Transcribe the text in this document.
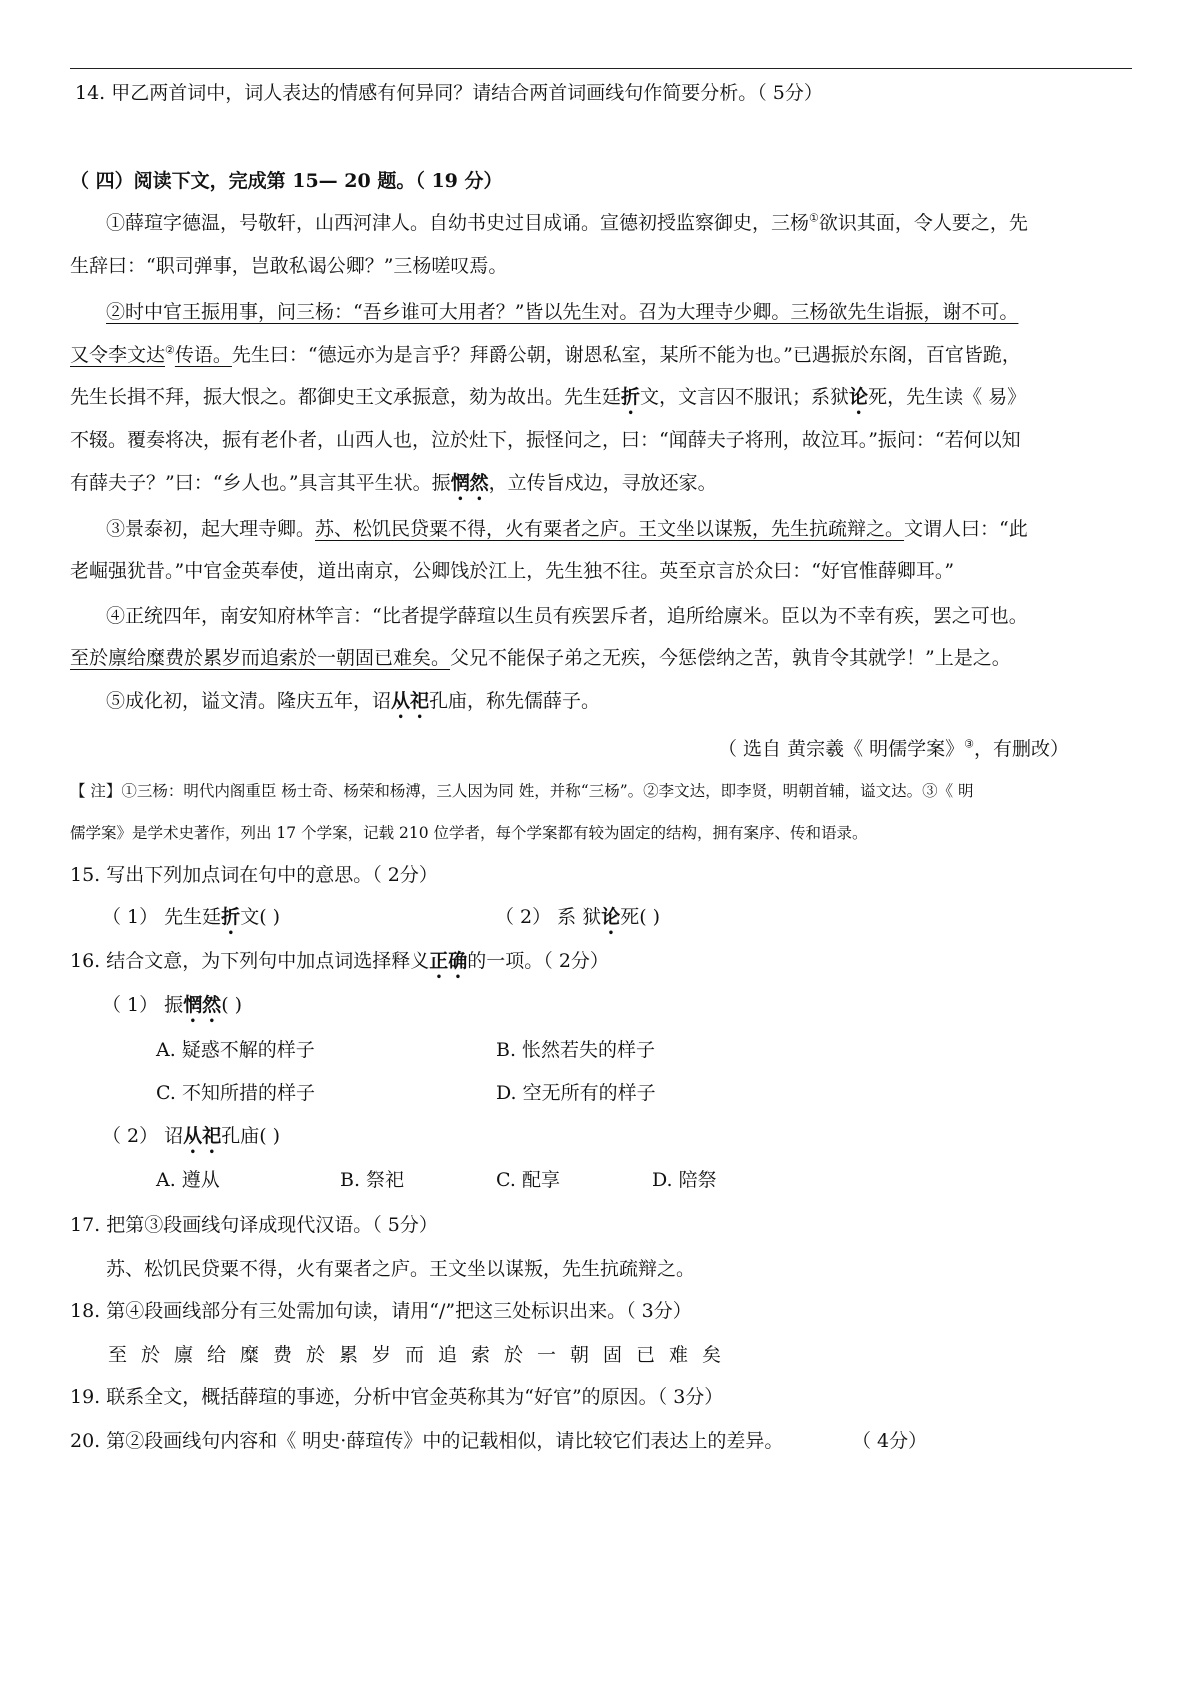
14. 甲乙两首词中，词人表达的情感有何异同？请结合两首词画线句作简要分析。（ 5分）
（ 四）阅读下文，完成第 15— 20 题。（ 19 分）
①薛瑄字德温，号敬轩，山西河津人。自幼书史过目成诵。宣德初授监察御史，三杨①欲识其面，令人要之，先
生辞曰：“职司弹事，岂敢私谒公卿？”三杨嗟叹焉。
②时中官王振用事，问三杨：“吾乡谁可大用者？”皆以先生对。召为大理寺少卿。三杨欲先生诣振，谢不可。
又令李文达②传语。先生曰：“德远亦为是言乎？拜爵公朝，谢恩私室，某所不能为也。”已遇振於东阁，百官皆跪，
先生长揖不拜，振大恨之。都御史王文承振意，劾为故出。先生廷折文，文言囚不服讯；系狱论死，先生读《 易》
不辍。覆奏将决，振有老仆者，山西人也，泣於灶下，振怪问之，曰：“闻薛夫子将刑，故泣耳。”振问：“若何以知
有薛夫子？”曰：“乡人也。”具言其平生状。振惘然，立传旨戍边，寻放还家。
③景泰初，起大理寺卿。苏、松饥民贷粟不得，火有粟者之庐。王文坐以谋叛，先生抗疏辩之。文谓人曰：“此
老崛强犹昔。”中官金英奉使，道出南京，公卿饯於江上，先生独不往。英至京言於众曰：“好官惟薛卿耳。”
④正统四年，南安知府林竿言：“比者提学薛瑄以生员有疾罢斥者，追所给廪米。臣以为不幸有疾，罢之可也。
至於廪给糜费於累岁而追索於一朝固已难矣。父兄不能保子弟之无疾，今惩偿纳之苦，孰肯令其就学！”上是之。
⑤成化初，谥文清。隆庆五年，诏从祀孔庙，称先儒薛子。
（ 选自 黄宗羲《 明儒学案》③，有删改）
【 注】①三杨：明代内阁重臣 杨士奇、杨荣和杨溥，三人因为同 姓，并称“三杨”。②李文达，即李贤，明朝首辅，谥文达。③《 明
儒学案》是学术史著作，列出 17 个学案，记载 210 位学者，每个学案都有较为固定的结构，拥有案序、传和语录。
15. 写出下列加点词在句中的意思。（ 2分）
（ 1） 先生廷折文( )	（ 2） 系 狱论死( )
16. 结合文意，为下列句中加点词选择释义正确的一项。（ 2分）
（ 1） 振惘然( )
A. 疑惑不解的样子	B. 怅然若失的样子
C. 不知所措的样子	D. 空无所有的样子
（ 2） 诏从祀孔庙( )
A. 遵从	B. 祭祀	C. 配享	D. 陪祭
17. 把第③段画线句译成现代汉语。（ 5分）
苏、松饥民贷粟不得，火有粟者之庐。王文坐以谋叛，先生抗疏辩之。
18. 第④段画线部分有三处需加句读，请用“/”把这三处标识出来。（ 3分）
至於廪给糜费於累岁而追索於一朝固已难矣
19. 联系全文，概括薛瑄的事迹，分析中官金英称其为“好官”的原因。（ 3分）
20. 第②段画线句内容和《 明史·薛瑄传》中的记载相似，请比较它们表达上的差异。	（ 4分）
